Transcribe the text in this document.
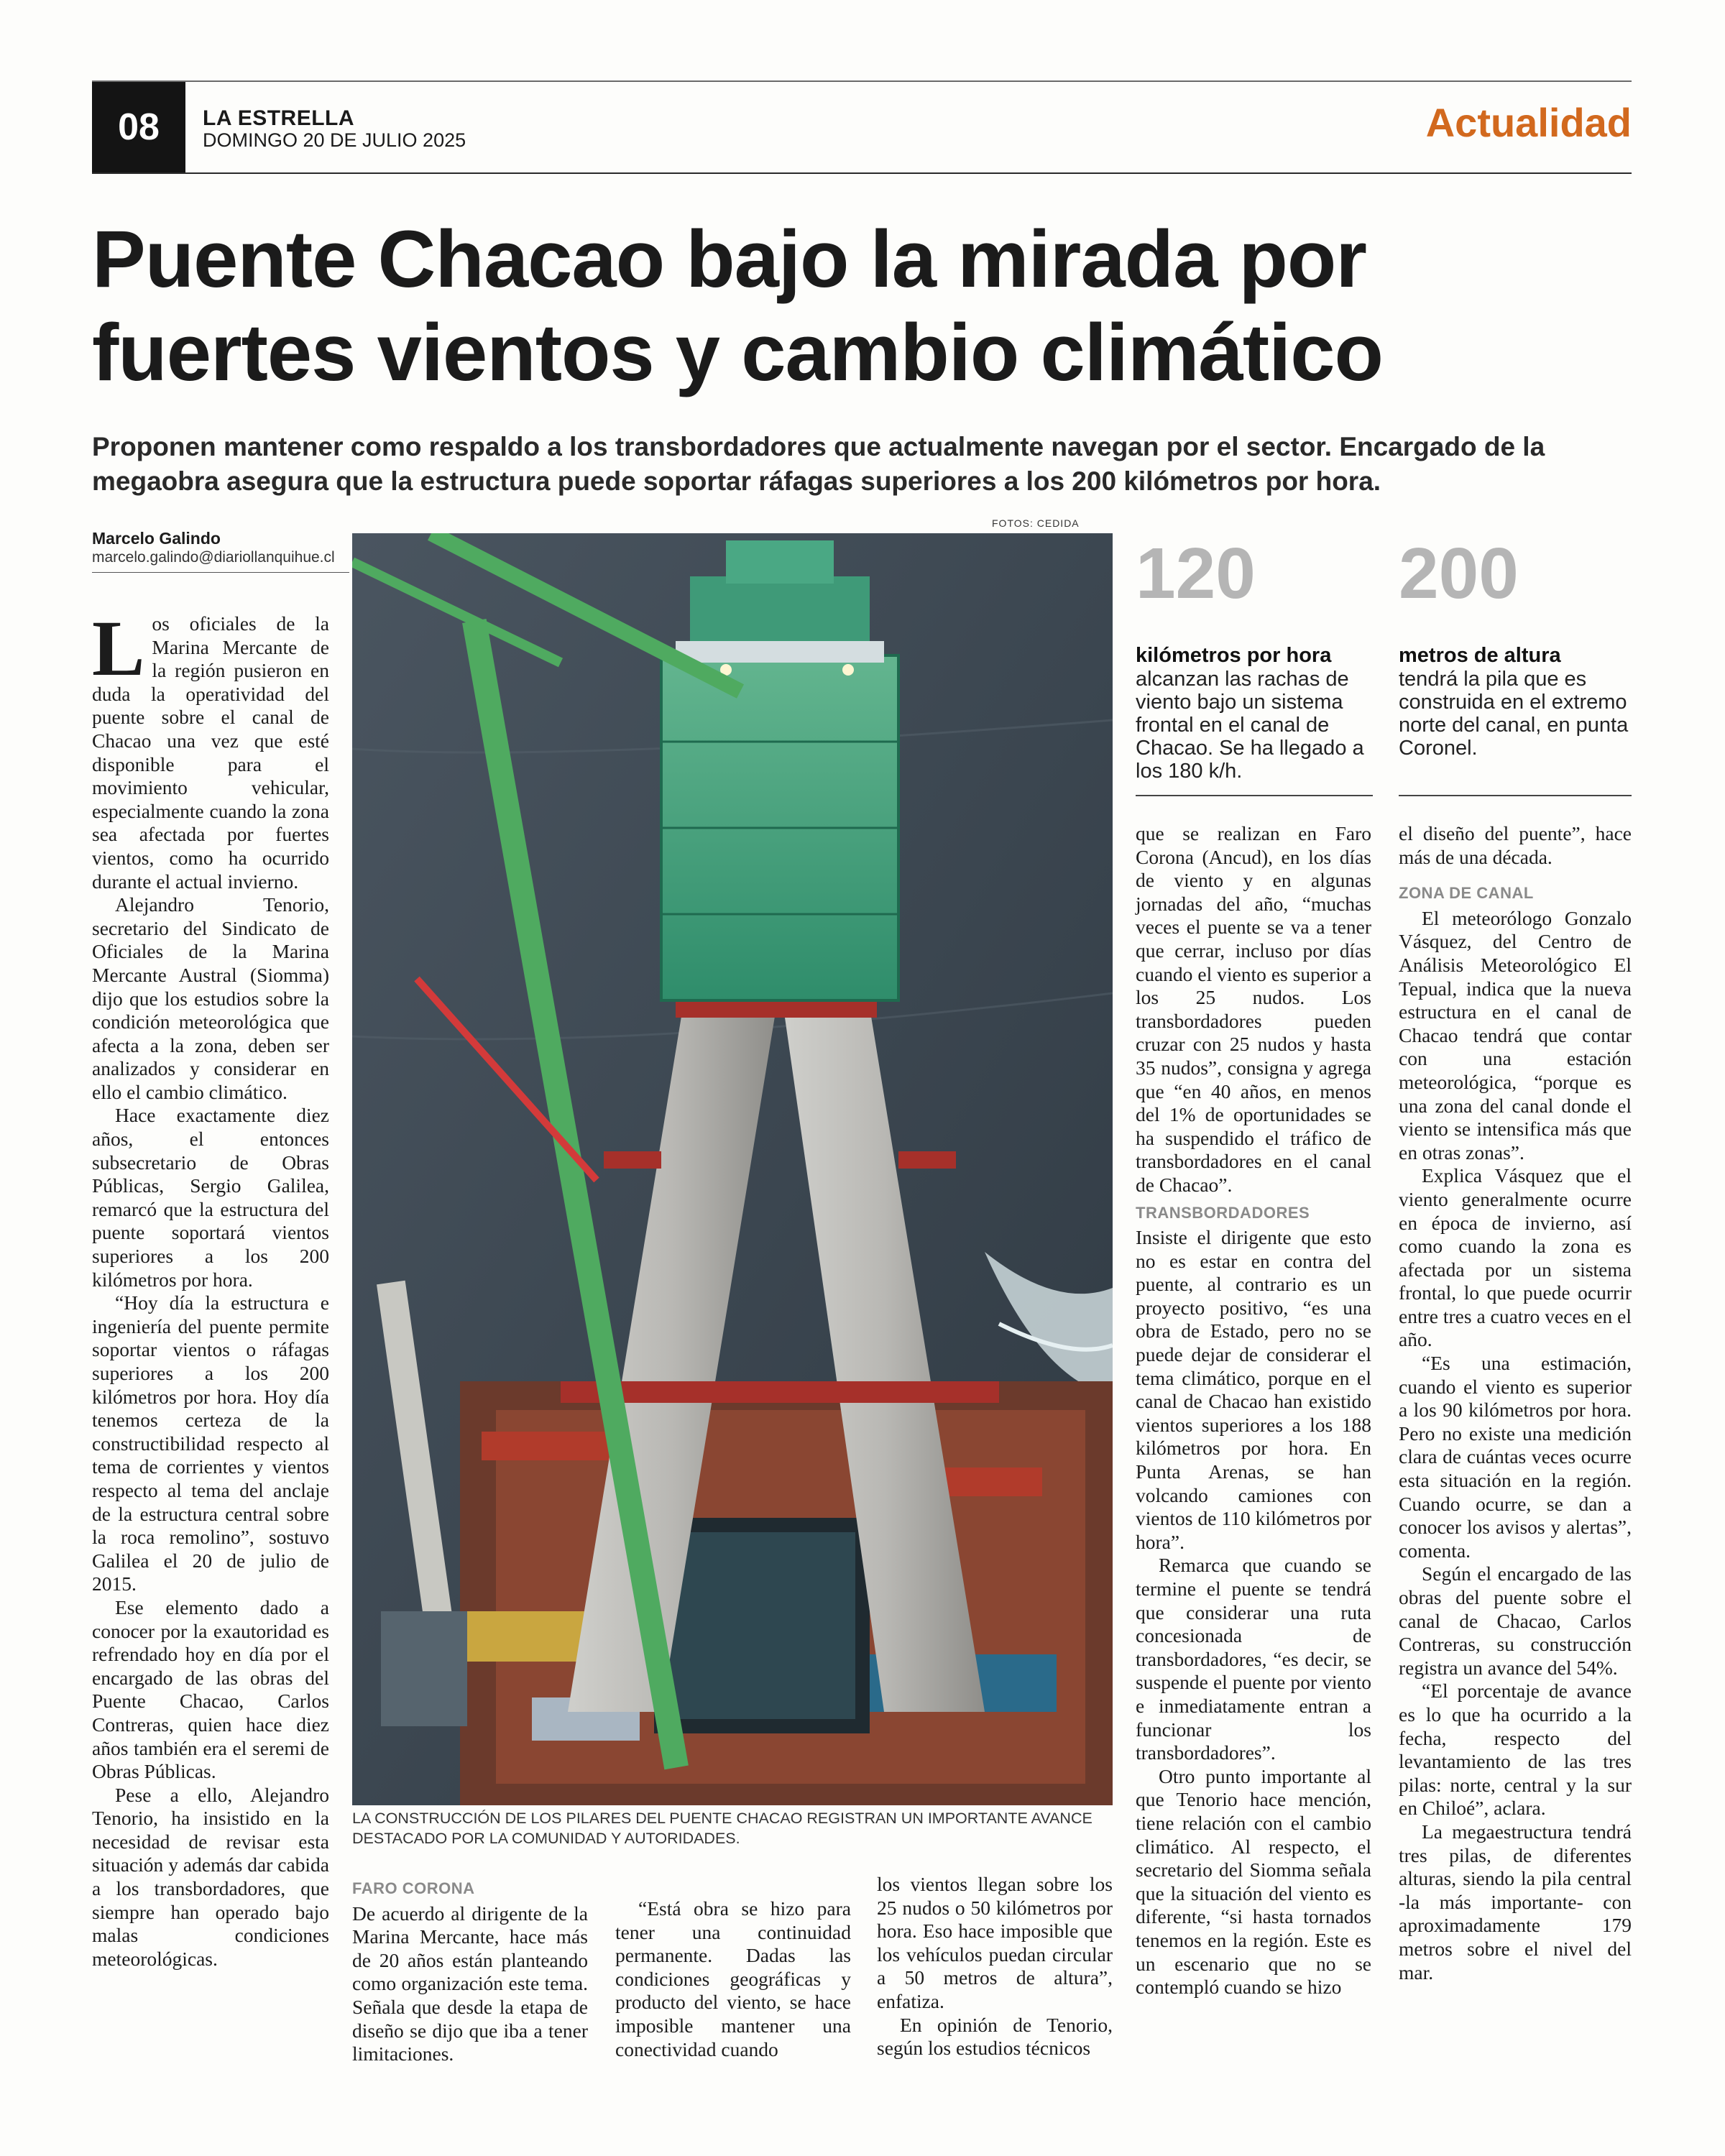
08	LA ESTRELLA
DOMINGO 20 DE JULIO 2025	Actualidad
Puente Chacao bajo la mirada por fuertes vientos y cambio climático

Proponen mantener como respaldo a los transbordadores que actualmente navegan por el sector. Encargado de la megaobra asegura que la estructura puede soportar ráfagas superiores a los 200 kilómetros por hora.

Marcelo Galindo
marcelo.galindo@diariollanquihue.cl
FOTOS: CEDIDA

Los oficiales de la Marina Mercante de la región pusieron en duda la operatividad del puente sobre el canal de Chacao una vez que esté disponible para el movimiento vehicular, especialmente cuando la zona sea afectada por fuertes vientos, como ha ocurrido durante el actual invierno.

Alejandro Tenorio, secretario del Sindicato de Oficiales de la Marina Mercante Austral (Siomma) dijo que los estudios sobre la condición meteorológica que afecta a la zona, deben ser analizados y considerar en ello el cambio climático.

Hace exactamente diez años, el entonces subsecretario de Obras Públicas, Sergio Galilea, remarcó que la estructura del puente soportará vientos superiores a los 200 kilómetros por hora.

“Hoy día la estructura e ingeniería del puente permite soportar vientos o ráfagas superiores a los 200 kilómetros por hora. Hoy día tenemos certeza de la constructibilidad respecto al tema de corrientes y vientos respecto al tema del anclaje de la estructura central sobre la roca remolino”, sostuvo Galilea el 20 de julio de 2015.

Ese elemento dado a conocer por la exautoridad es refrendado hoy en día por el encargado de las obras del Puente Chacao, Carlos Contreras, quien hace diez años también era el seremi de Obras Públicas.

Pese a ello, Alejandro Tenorio, ha insistido en la necesidad de revisar esta situación y además dar cabida a los transbordadores, que siempre han operado bajo malas condiciones meteorológicas.

LA CONSTRUCCIÓN DE LOS PILARES DEL PUENTE CHACAO REGISTRAN UN IMPORTANTE AVANCE DESTACADO POR LA COMUNIDAD Y AUTORIDADES.
FARO CORONA

De acuerdo al dirigente de la Marina Mercante, hace más de 20 años están planteando como organización este tema. Señala que desde la etapa de diseño se dijo que iba a tener limitaciones.

“Está obra se hizo para tener una continuidad permanente. Dadas las condiciones geográficas y producto del viento, se hace imposible mantener una conectividad cuando

los vientos llegan sobre los 25 nudos o 50 kilómetros por hora. Eso hace imposible que los vehículos puedan circular a 50 metros de altura”, enfatiza.

En opinión de Tenorio, según los estudios técnicos

120
kilómetros por hora
alcanzan las rachas de viento bajo un sistema frontal en el canal de Chacao. Se ha llegado a los 180 k/h.
200
metros de altura
tendrá la pila que es construida en el extremo norte del canal, en punta Coronel.

que se realizan en Faro Corona (Ancud), en los días de viento y en algunas jornadas del año, “muchas veces el puente se va a tener que cerrar, incluso por días cuando el viento es superior a los 25 nudos. Los transbordadores pueden cruzar con 25 nudos y hasta 35 nudos”, consigna y agrega que “en 40 años, en menos del 1% de oportunidades se ha suspendido el tráfico de transbordadores en el canal de Chacao”.

TRANSBORDADORES

Insiste el dirigente que esto no es estar en contra del puente, al contrario es un proyecto positivo, “es una obra de Estado, pero no se puede dejar de considerar el tema climático, porque en el canal de Chacao han existido vientos superiores a los 188 kilómetros por hora. En Punta Arenas, se han volcando camiones con vientos de 110 kilómetros por hora”.

Remarca que cuando se termine el puente se tendrá que considerar una ruta concesionada de transbordadores, “es decir, se suspende el puente por viento e inmediatamente entran a funcionar los transbordadores”.

Otro punto importante al que Tenorio hace mención, tiene relación con el cambio climático. Al respecto, el secretario del Siomma señala que la situación del viento es diferente, “si hasta tornados tenemos en la región. Este es un escenario que no se contempló cuando se hizo

el diseño del puente”, hace más de una década.

ZONA DE CANAL

El meteorólogo Gonzalo Vásquez, del Centro de Análisis Meteorológico El Tepual, indica que la nueva estructura en el canal de Chacao tendrá que contar con una estación meteorológica, “porque es una zona del canal donde el viento se intensifica más que en otras zonas”.

Explica Vásquez que el viento generalmente ocurre en época de invierno, así como cuando la zona es afectada por un sistema frontal, lo que puede ocurrir entre tres a cuatro veces en el año.

“Es una estimación, cuando el viento es superior a los 90 kilómetros por hora. Pero no existe una medición clara de cuántas veces ocurre esta situación en la región. Cuando ocurre, se dan a conocer los avisos y alertas”, comenta.

Según el encargado de las obras del puente sobre el canal de Chacao, Carlos Contreras, su construcción registra un avance del 54%.

“El porcentaje de avance es lo que ha ocurrido a la fecha, respecto del levantamiento de las tres pilas: norte, central y la sur en Chiloé”, aclara.

La megaestructura tendrá tres pilas, de diferentes alturas, siendo la pila central -la más importante- con aproximadamente 179 metros sobre el nivel del mar.
